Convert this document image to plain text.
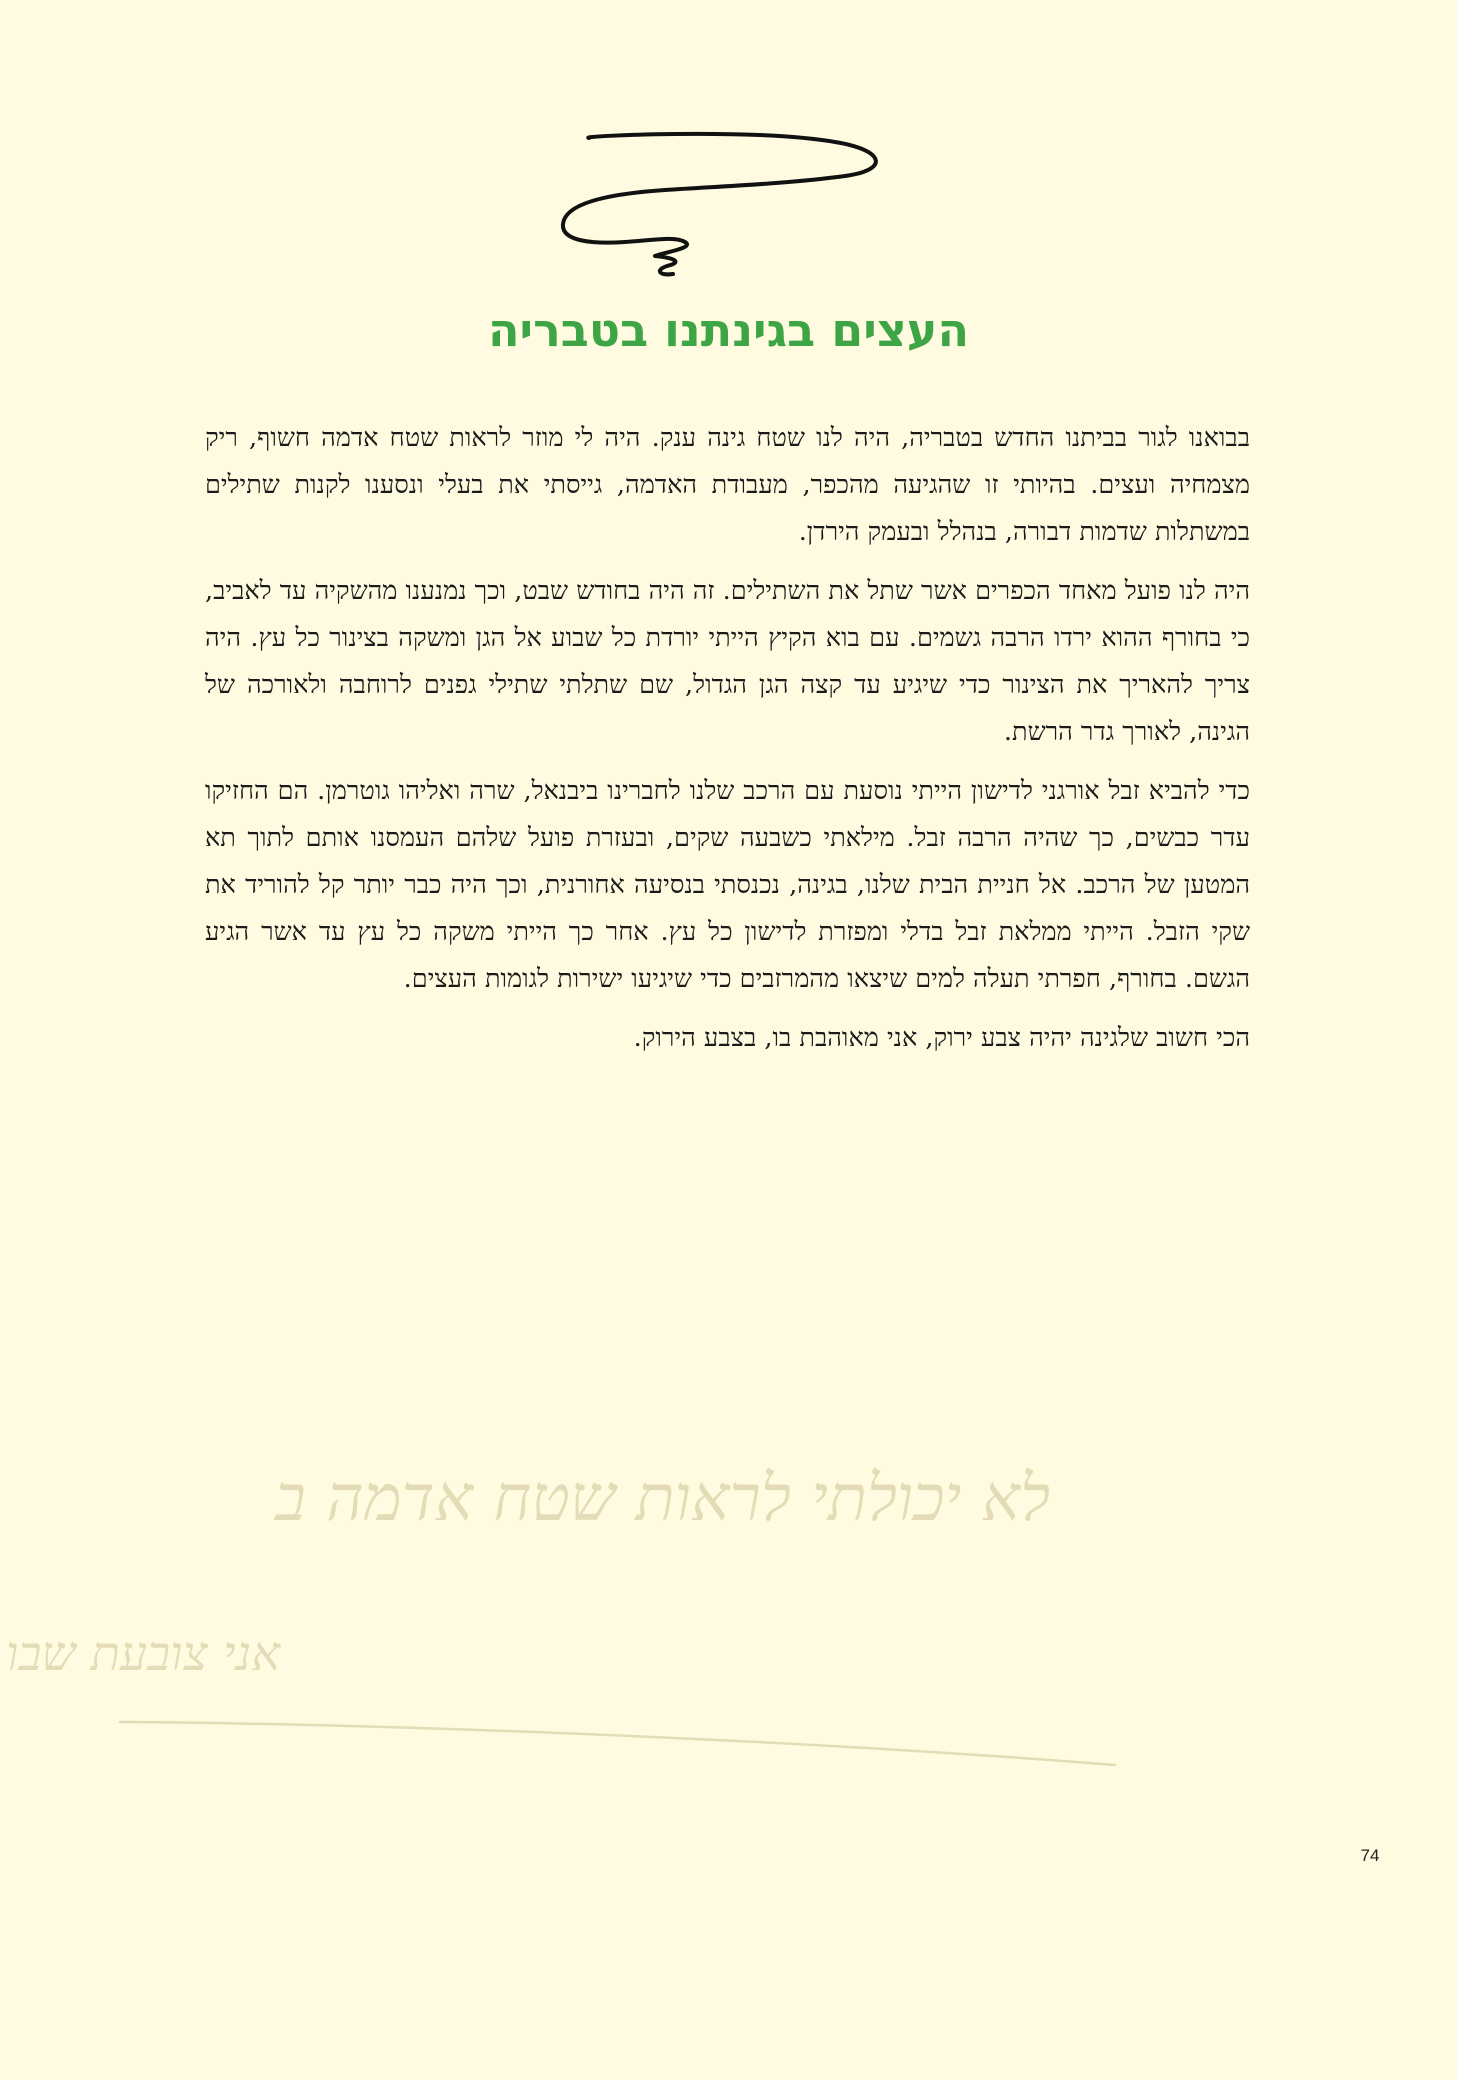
העצים בגינתנו בטבריה

בבואנו לגור בביתנו החדש בטבריה, היה לנו שטח גינה ענק. היה לי מוזר לראות שטח אדמה חשוף, ריק מצמחיה ועצים. בהיותי זו שהגיעה מהכפר, מעבודת האדמה, גייסתי את בעלי ונסענו לקנות שתילים במשתלות שדמות דבורה, בנהלל ובעמק הירדן.

היה לנו פועל מאחד הכפרים אשר שתל את השתילים. זה היה בחודש שבט, וכך נמנענו מהשקיה עד לאביב, כי בחורף ההוא ירדו הרבה גשמים. עם בוא הקיץ הייתי יורדת כל שבוע אל הגן ומשקה בצינור כל עץ. היה צריך להאריך את הצינור כדי שיגיע עד קצה הגן הגדול, שם שתלתי שתילי גפנים לרוחבה ולאורכה של הגינה, לאורך גדר הרשת.

כדי להביא זבל אורגני לדישון הייתי נוסעת עם הרכב שלנו לחברינו ביבנאל, שרה ואליהו גוטרמן. הם החזיקו עדר כבשים, כך שהיה הרבה זבל. מילאתי כשבעה שקים, ובעזרת פועל שלהם העמסנו אותם לתוך תא המטען של הרכב. אל חניית הבית שלנו, בגינה, נכנסתי בנסיעה אחורנית, וכך היה כבר יותר קל להוריד את שקי הזבל. הייתי ממלאת זבל בדלי ומפזרת לדישון כל עץ. אחר כך הייתי משקה כל עץ עד אשר הגיע הגשם. בחורף, חפרתי תעלה למים שיצאו מהמרזבים כדי שיגיעו ישירות לגומות העצים.

הכי חשוב שלגינה יהיה צבע ירוק, אני מאוהבת בו, בצבע הירוק.

לא יכולתי לראות שטח אדמה ב
אני צובעת שבו
74
